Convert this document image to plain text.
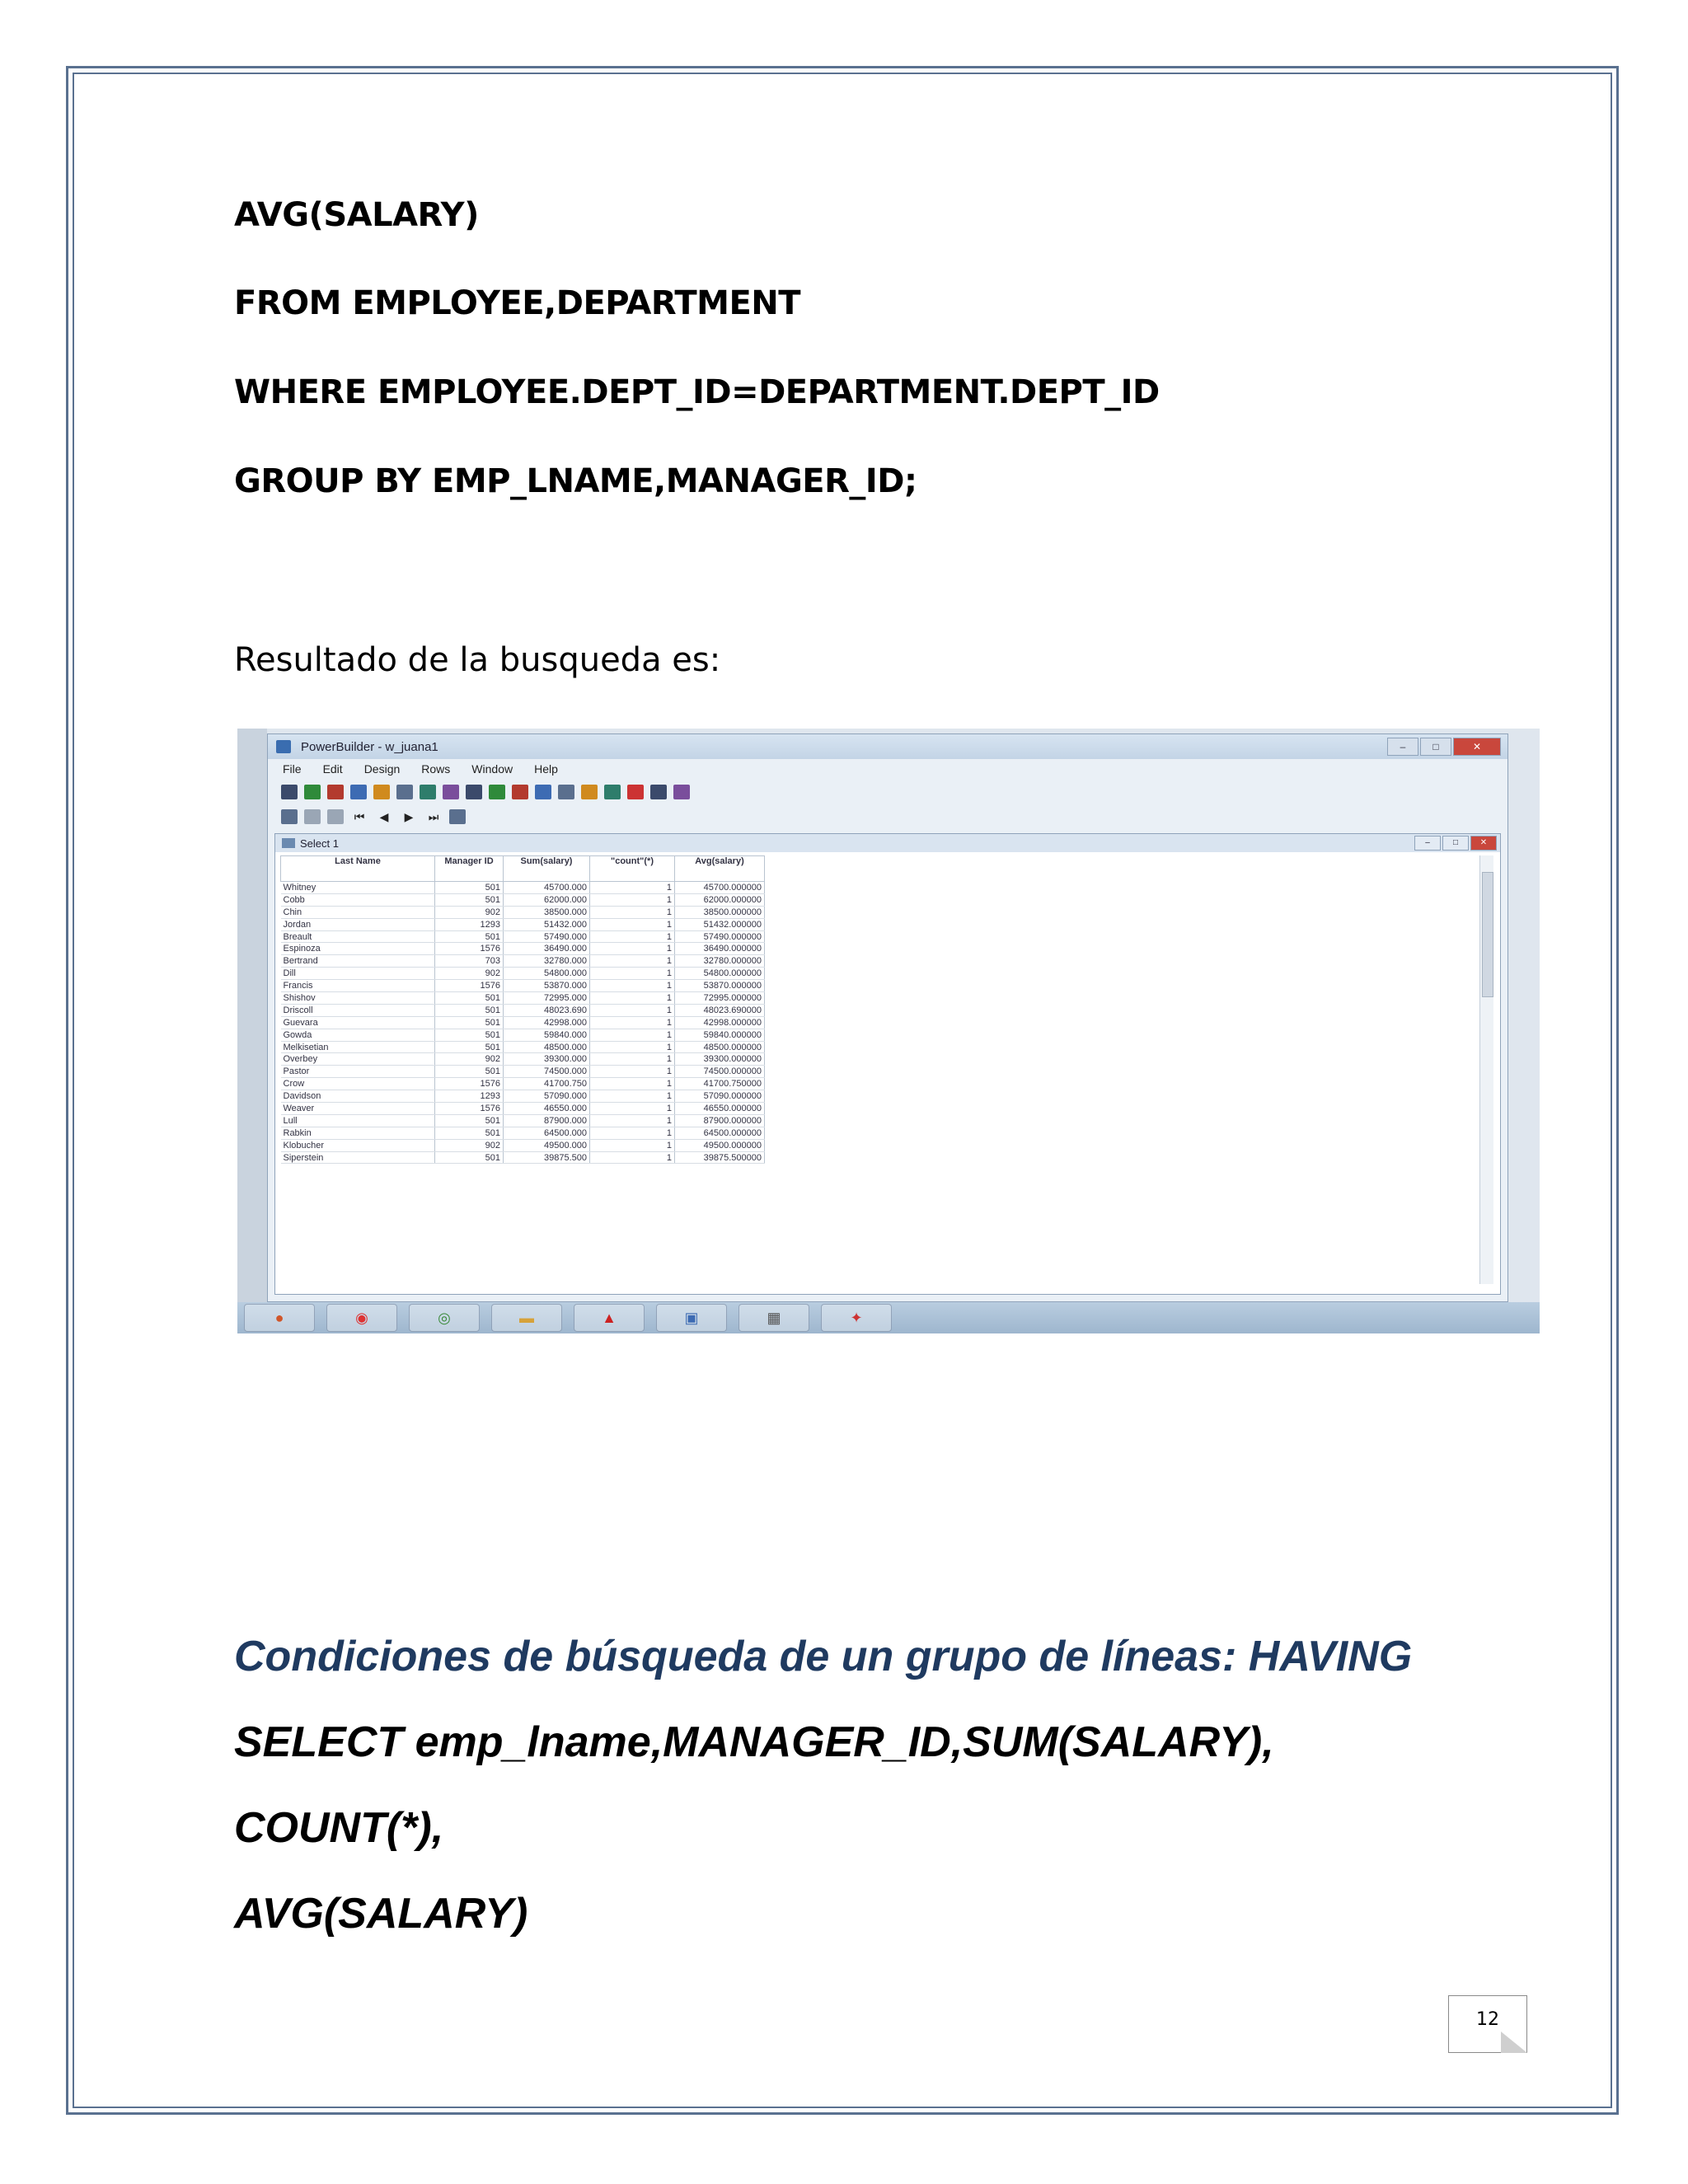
AVG(SALARY)
FROM EMPLOYEE,DEPARTMENT
WHERE EMPLOYEE.DEPT_ID=DEPARTMENT.DEPT_ID
GROUP BY EMP_LNAME,MANAGER_ID;
Resultado de la busqueda es:
PowerBuilder - w_juana1	–	□	✕
File Edit Design Rows Window Help
⏮	◀	▶	⏭
Select 1	–	□	✕
Last Name	Manager ID	Sum(salary)	"count"(*)	Avg(salary)
Whitney	501	45700.000	1	45700.000000
Cobb	501	62000.000	1	62000.000000
Chin	902	38500.000	1	38500.000000
Jordan	1293	51432.000	1	51432.000000
Breault	501	57490.000	1	57490.000000
Espinoza	1576	36490.000	1	36490.000000
Bertrand	703	32780.000	1	32780.000000
Dill	902	54800.000	1	54800.000000
Francis	1576	53870.000	1	53870.000000
Shishov	501	72995.000	1	72995.000000
Driscoll	501	48023.690	1	48023.690000
Guevara	501	42998.000	1	42998.000000
Gowda	501	59840.000	1	59840.000000
Melkisetian	501	48500.000	1	48500.000000
Overbey	902	39300.000	1	39300.000000
Pastor	501	74500.000	1	74500.000000
Crow	1576	41700.750	1	41700.750000
Davidson	1293	57090.000	1	57090.000000
Weaver	1576	46550.000	1	46550.000000
Lull	501	87900.000	1	87900.000000
Rabkin	501	64500.000	1	64500.000000
Klobucher	902	49500.000	1	49500.000000
Siperstein	501	39875.500	1	39875.500000
●	◉	◎	▬	▲	▣	▦	✦
Condiciones de búsqueda de un grupo de líneas: HAVING
SELECT emp_lname,MANAGER_ID,SUM(SALARY),
COUNT(*),
AVG(SALARY)
12
